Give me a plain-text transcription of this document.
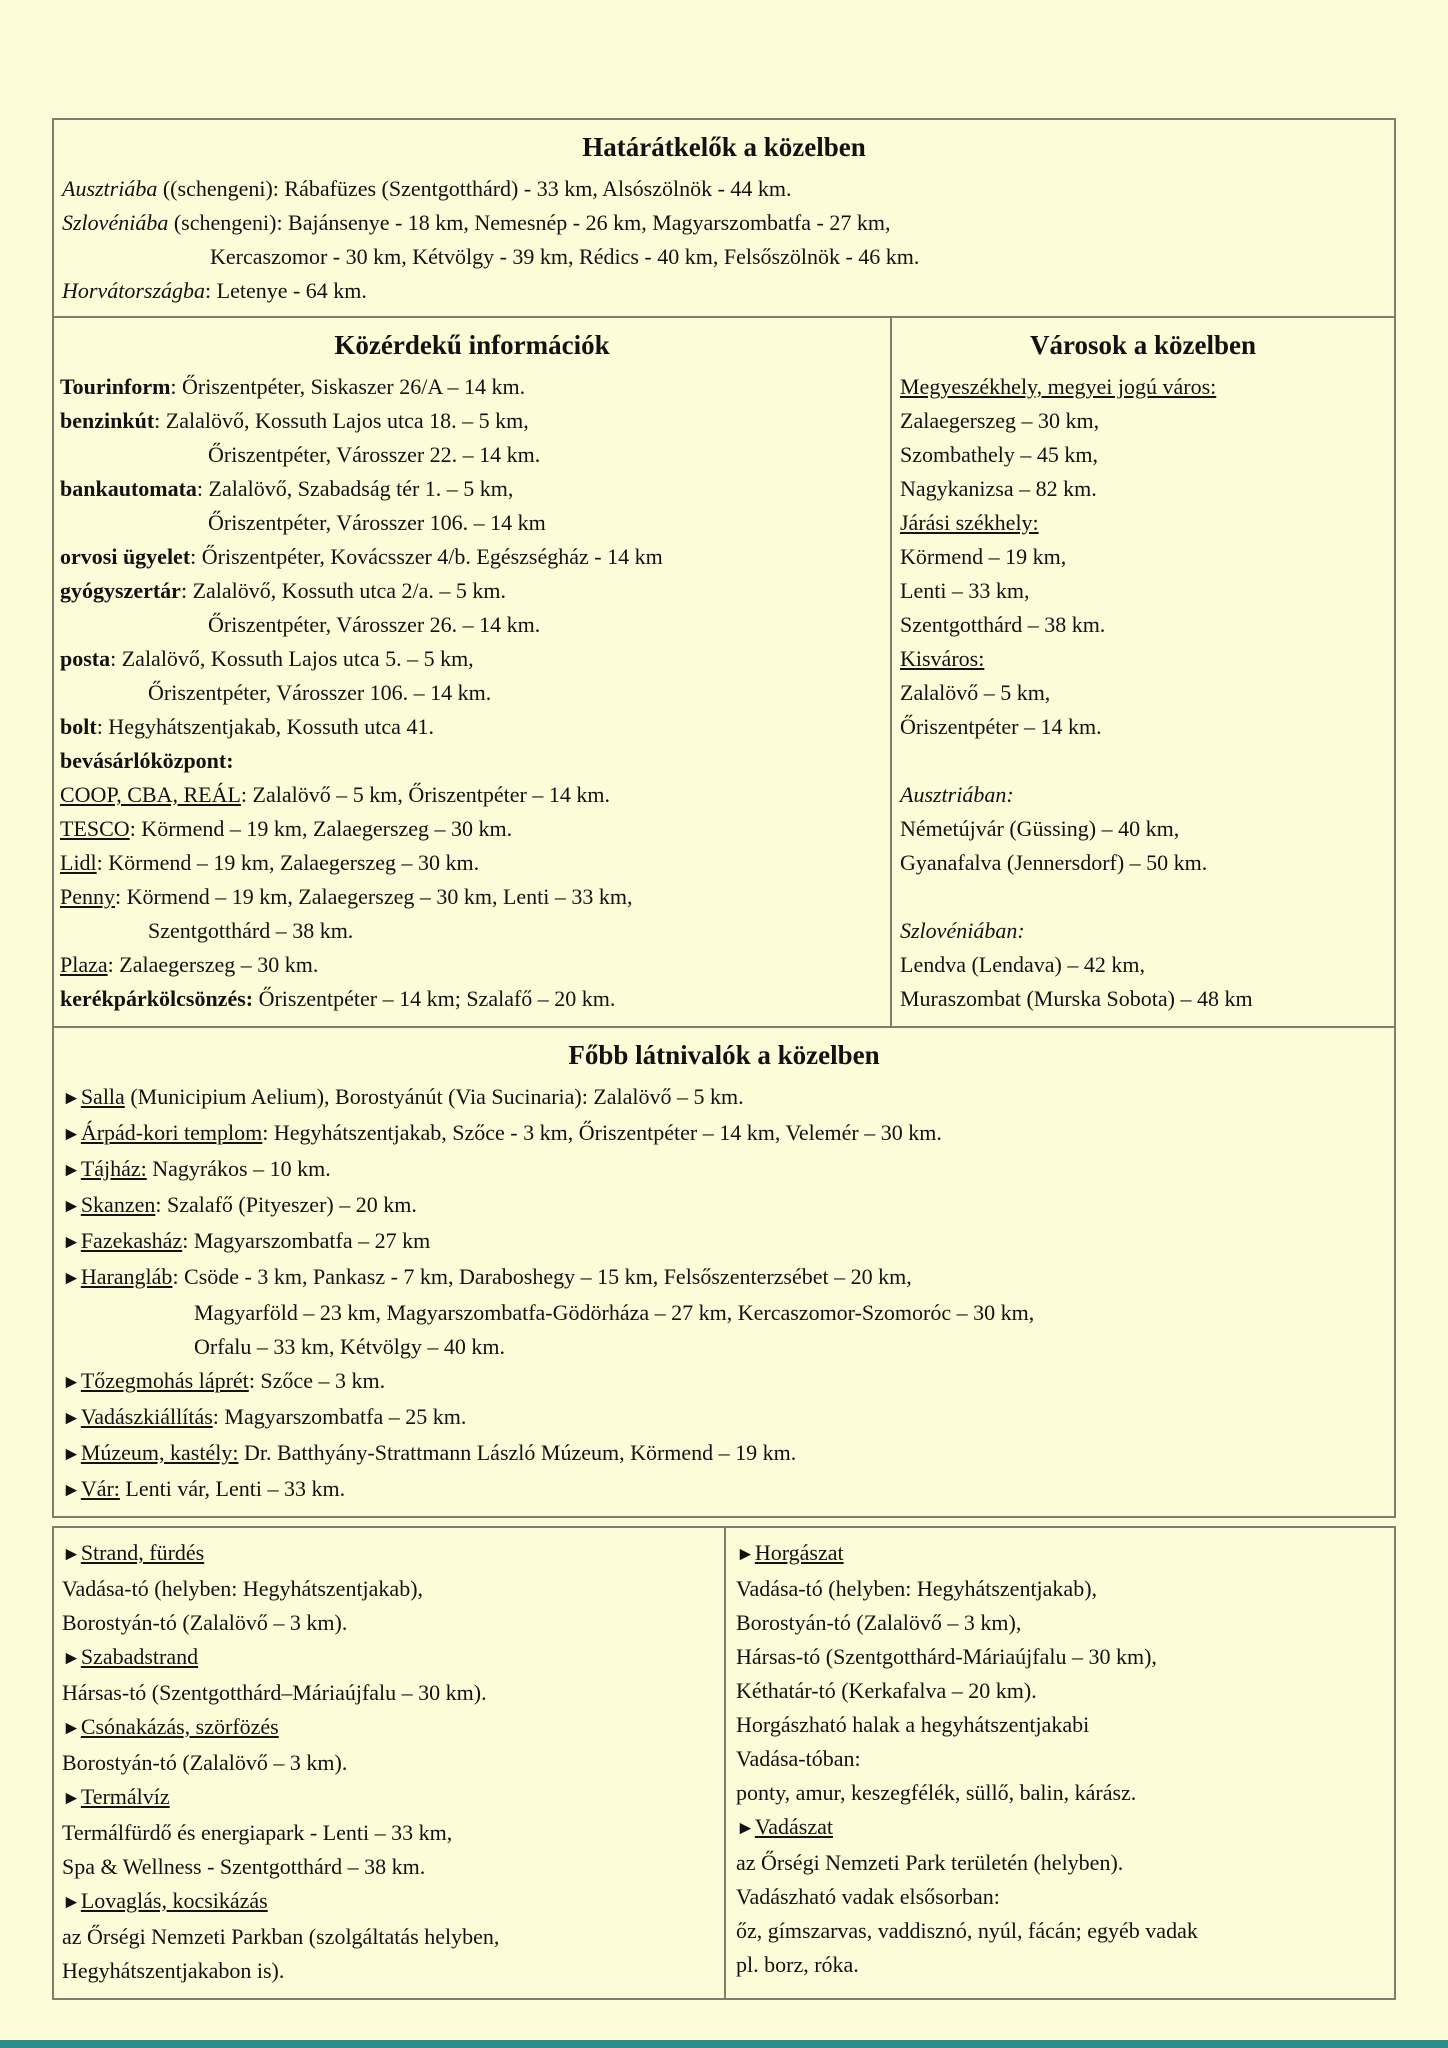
Határátkelők a közelben
Ausztriába ((schengeni): Rábafüzes (Szentgotthárd) - 33 km, Alsószölnök - 44 km.
Szlovéniába (schengeni): Bajánsenye - 18 km, Nemesnép - 26 km, Magyarszombatfa - 27 km,
Kercaszomor - 30 km, Kétvölgy - 39 km, Rédics - 40 km, Felsőszölnök - 46 km.
Horvátországba: Letenye - 64 km.
Közérdekű információk
Tourinform: Őriszentpéter, Siskaszer 26/A – 14 km.
benzinkút: Zalalövő, Kossuth Lajos utca 18. – 5 km,
Őriszentpéter, Városszer 22. – 14 km.
bankautomata: Zalalövő, Szabadság tér 1. – 5 km,
Őriszentpéter, Városszer 106. – 14 km
orvosi ügyelet: Őriszentpéter, Kovácsszer 4/b. Egészségház - 14 km
gyógyszertár: Zalalövő, Kossuth utca 2/a. – 5 km.
Őriszentpéter, Városszer 26. – 14 km.
posta: Zalalövő, Kossuth Lajos utca 5. – 5 km,
Őriszentpéter, Városszer 106. – 14 km.
bolt: Hegyhátszentjakab, Kossuth utca 41.
bevásárlóközpont:
COOP, CBA, REÁL: Zalalövő – 5 km, Őriszentpéter – 14 km.
TESCO: Körmend – 19 km, Zalaegerszeg – 30 km.
Lidl: Körmend – 19 km, Zalaegerszeg – 30 km.
Penny: Körmend – 19 km, Zalaegerszeg – 30 km, Lenti – 33 km,
Szentgotthárd – 38 km.
Plaza: Zalaegerszeg – 30 km.
kerékpárkölcsönzés: Őriszentpéter – 14 km; Szalafő – 20 km.
Városok a közelben
Megyeszékhely, megyei jogú város:
Zalaegerszeg – 30 km,
Szombathely – 45 km,
Nagykanizsa – 82 km.
Járási székhely:
Körmend – 19 km,
Lenti – 33 km,
Szentgotthárd – 38 km.
Kisváros:
Zalalövő – 5 km,
Őriszentpéter – 14 km.
Ausztriában:
Németújvár (Güssing) – 40 km,
Gyanafalva (Jennersdorf) – 50 km.
Szlovéniában:
Lendva (Lendava) – 42 km,
Muraszombat (Murska Sobota) – 48 km
Főbb látnivalók a közelben
►Salla (Municipium Aelium), Borostyánút (Via Sucinaria): Zalalövő – 5 km.
►Árpád-kori templom: Hegyhátszentjakab, Szőce - 3 km, Őriszentpéter – 14 km, Velemér – 30 km.
►Tájház: Nagyrákos – 10 km.
►Skanzen: Szalafő (Pityeszer) – 20 km.
►Fazekasház: Magyarszombatfa – 27 km
►Harangláb: Csöde - 3 km, Pankasz - 7 km, Daraboshegy – 15 km, Felsőszenterzsébet – 20 km,
Magyarföld – 23 km, Magyarszombatfa-Gödörháza – 27 km, Kercaszomor-Szomoróc – 30 km,
Orfalu – 33 km, Kétvölgy – 40 km.
►Tőzegmohás láprét: Szőce – 3 km.
►Vadászkiállítás: Magyarszombatfa – 25 km.
►Múzeum, kastély: Dr. Batthyány-Strattmann László Múzeum, Körmend – 19 km.
►Vár: Lenti vár, Lenti – 33 km.
►Strand, fürdés
Vadása-tó (helyben: Hegyhátszentjakab),
Borostyán-tó (Zalalövő – 3 km).
►Szabadstrand
Hársas-tó (Szentgotthárd–Máriaújfalu – 30 km).
►Csónakázás, szörfözés
Borostyán-tó (Zalalövő – 3 km).
►Termálvíz
Termálfürdő és energiapark - Lenti – 33 km,
Spa & Wellness - Szentgotthárd – 38 km.
►Lovaglás, kocsikázás
az Őrségi Nemzeti Parkban (szolgáltatás helyben,
Hegyhátszentjakabon is).
►Horgászat
Vadása-tó (helyben: Hegyhátszentjakab),
Borostyán-tó (Zalalövő – 3 km),
Hársas-tó (Szentgotthárd-Máriaújfalu – 30 km),
Kéthatár-tó (Kerkafalva – 20 km).
Horgászható halak a hegyhátszentjakabi
Vadása-tóban:
ponty, amur, keszegfélék, süllő, balin, kárász.
►Vadászat
az Őrségi Nemzeti Park területén (helyben).
Vadászható vadak elsősorban:
őz, gímszarvas, vaddisznó, nyúl, fácán; egyéb vadak
pl. borz, róka.
